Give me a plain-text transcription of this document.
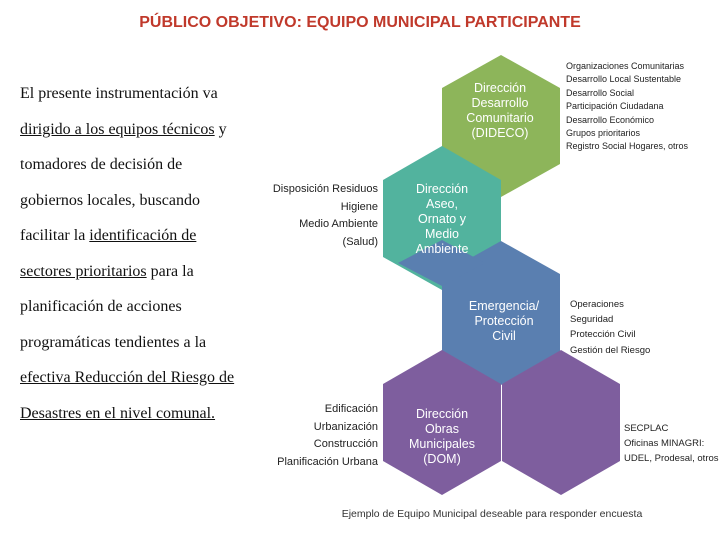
PÚBLICO OBJETIVO: EQUIPO MUNICIPAL PARTICIPANTE
El presente instrumentación va
dirigido a los equipos técnicos y
tomadores de decisión de
gobiernos locales, buscando
facilitar la identificación de
sectores prioritarios para la
planificación de acciones
programáticas tendientes a la
efectiva Reducción del Riesgo de
Desastres en el nivel comunal.
Dirección
Desarrollo
Comunitario
(DIDECO)
Dirección
Aseo,
Ornato y
Medio
Ambiente
Emergencia/
Protección
Civil
Dirección
Obras
Municipales
(DOM)
Organizaciones Comunitarias
Desarrollo Local Sustentable
Desarrollo Social
Participación Ciudadana
Desarrollo Económico
Grupos prioritarios
Registro Social Hogares, otros
Disposición Residuos
Higiene
Medio Ambiente
(Salud)
Operaciones
Seguridad
Protección Civil
Gestión del Riesgo
Edificación
Urbanización
Construcción
Planificación Urbana
SECPLAC
Oficinas MINAGRI:
UDEL, Prodesal, otros
Ejemplo de Equipo Municipal deseable para responder encuesta
